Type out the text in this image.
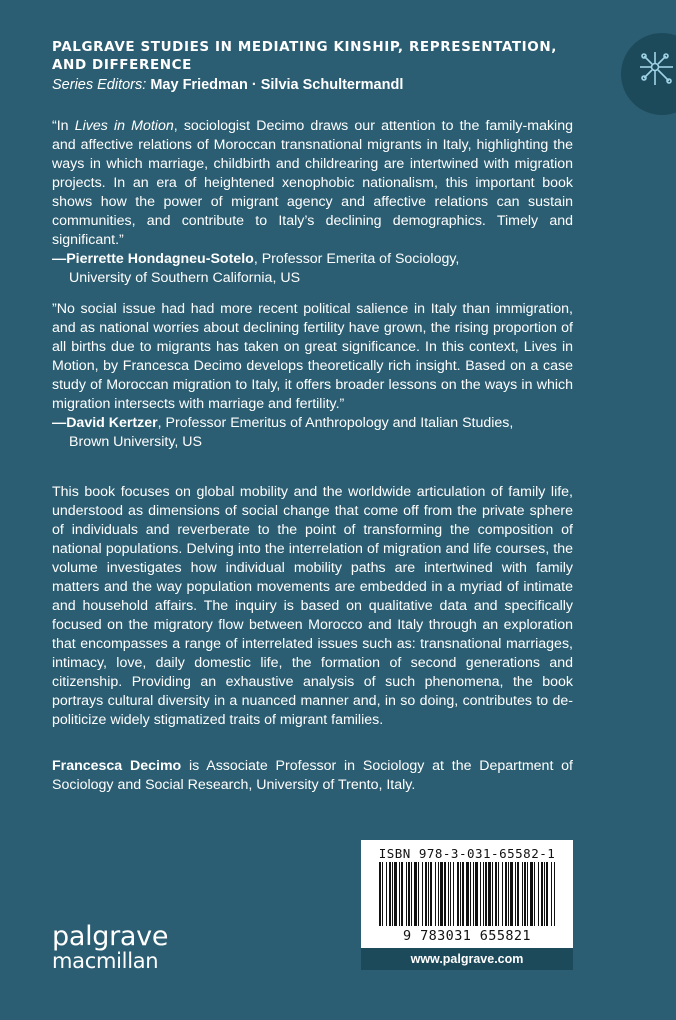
PALGRAVE STUDIES IN MEDIATING KINSHIP, REPRESENTATION, AND DIFFERENCE
Series Editors: May Friedman · Silvia Schultermandl

“In Lives in Motion, sociologist Decimo draws our attention to the family-making and affective relations of Moroccan transnational migrants in Italy, highlighting the ways in which marriage, childbirth and childrearing are intertwined with migration projects. In an era of heightened xenophobic nationalism, this important book shows how the power of migrant agency and affective relations can sustain communities, and contribute to Italy’s declining demographics. Timely and significant.”

—Pierrette Hondagneu-Sotelo, Professor Emerita of Sociology,
University of Southern California, US

”No social issue had had more recent political salience in Italy than immigration, and as national worries about declining fertility have grown, the rising proportion of all births due to migrants has taken on great significance. In this context, Lives in Motion, by Francesca Decimo develops theoretically rich insight. Based on a case study of Moroccan migration to Italy, it offers broader lessons on the ways in which migration intersects with marriage and fertility.”

—David Kertzer, Professor Emeritus of Anthropology and Italian Studies,
Brown University, US

This book focuses on global mobility and the worldwide articulation of family life, understood as dimensions of social change that come off from the private sphere of individuals and reverberate to the point of transforming the composition of national populations. Delving into the interrelation of migration and life courses, the volume investigates how individual mobility paths are intertwined with family matters and the way population movements are embedded in a myriad of intimate and household affairs. The inquiry is based on qualitative data and specifically focused on the migratory flow between Morocco and Italy through an exploration that encompasses a range of interrelated issues such as: transnational marriages, intimacy, love, daily domestic life, the formation of second generations and citizenship. Providing an exhaustive analysis of such phenomena, the book portrays cultural diversity in a nuanced manner and, in so doing, contributes to de-politicize widely stigmatized traits of migrant families.
Francesca Decimo is Associate Professor in Sociology at the Department of Sociology and Social Research, University of Trento, Italy.
palgrave
macmillan
ISBN 978-3-031-65582-1
9 783031 655821
www.palgrave.com
